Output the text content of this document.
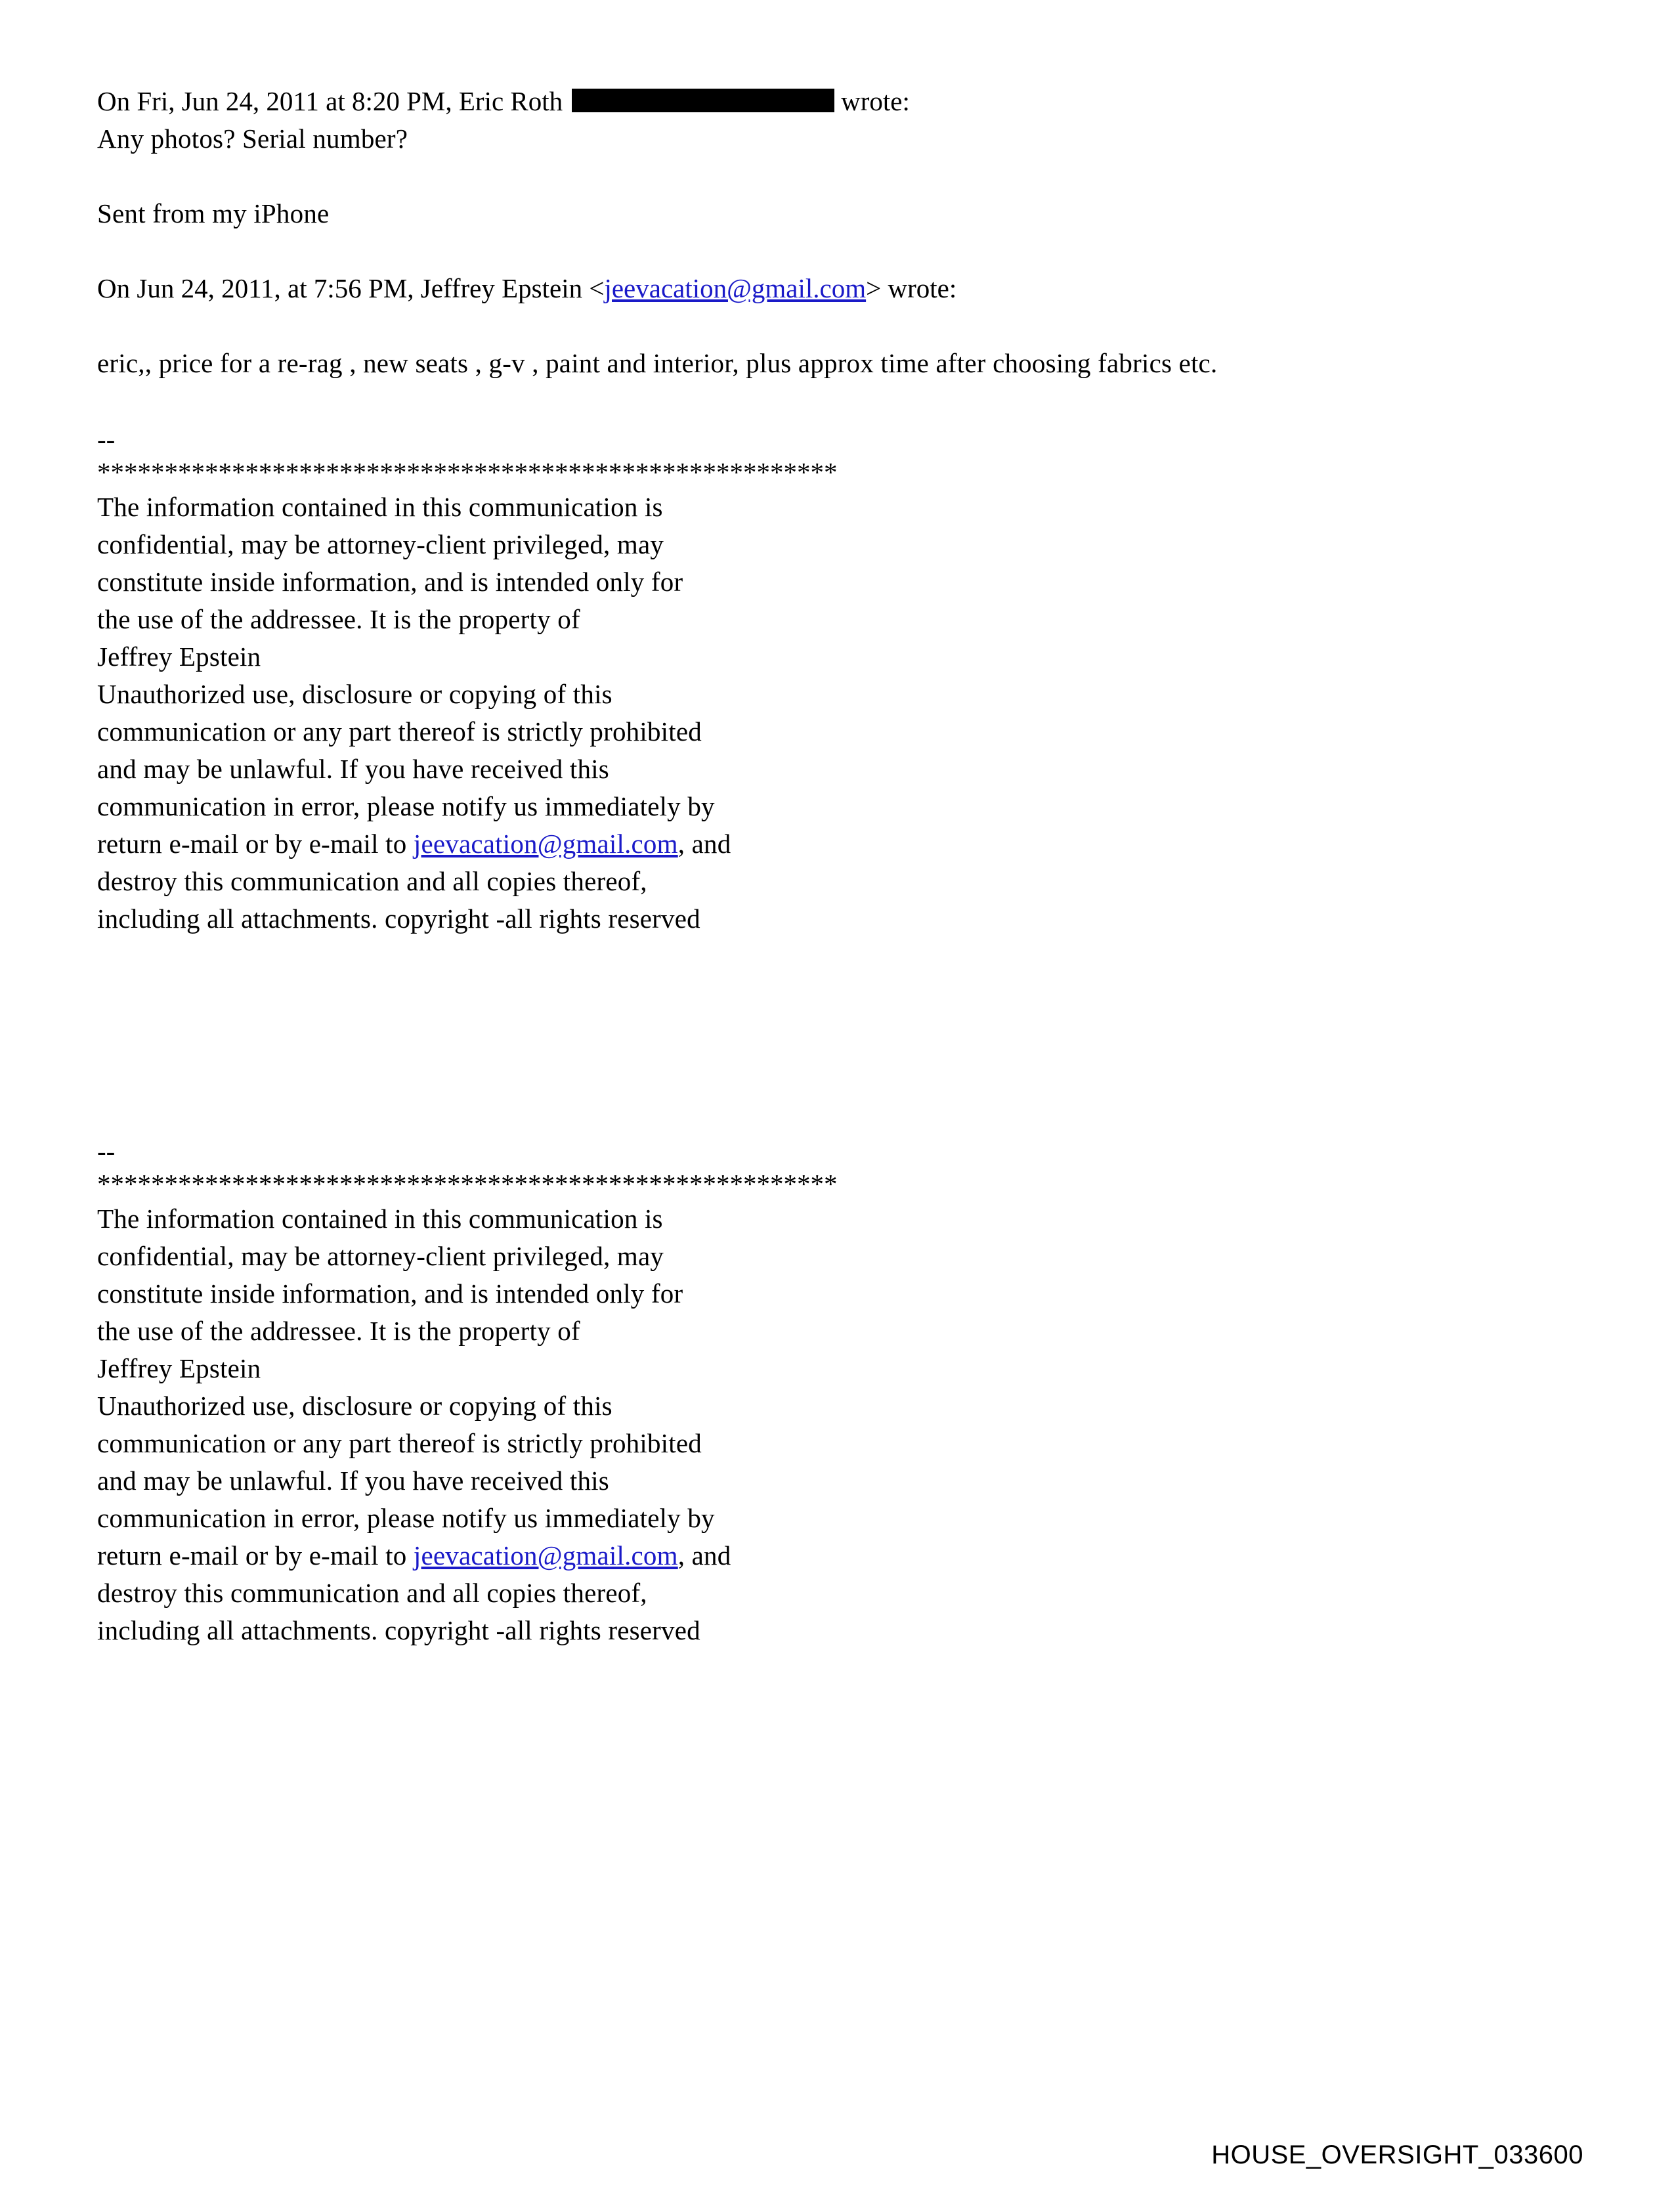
On Fri, Jun 24, 2011 at 8:20 PM, Eric Roth	wrote:
Any photos? Serial number?
Sent from my iPhone
On Jun 24, 2011, at 7:56 PM, Jeffrey Epstein <jeevacation@gmail.com> wrote:
eric,, price for a re-rag , new seats , g-v , paint and interior, plus approx time after choosing fabrics etc.
--
*******************************************************
The information contained in this communication is
confidential, may be attorney-client privileged, may
constitute inside information, and is intended only for
the use of the addressee. It is the property of
Jeffrey Epstein
Unauthorized use, disclosure or copying of this
communication or any part thereof is strictly prohibited
and may be unlawful. If you have received this
communication in error, please notify us immediately by
return e-mail or by e-mail to jeevacation@gmail.com, and
destroy this communication and all copies thereof,
including all attachments. copyright -all rights reserved
--
*******************************************************
The information contained in this communication is
confidential, may be attorney-client privileged, may
constitute inside information, and is intended only for
the use of the addressee. It is the property of
Jeffrey Epstein
Unauthorized use, disclosure or copying of this
communication or any part thereof is strictly prohibited
and may be unlawful. If you have received this
communication in error, please notify us immediately by
return e-mail or by e-mail to jeevacation@gmail.com, and
destroy this communication and all copies thereof,
including all attachments. copyright -all rights reserved
HOUSE_OVERSIGHT_033600
